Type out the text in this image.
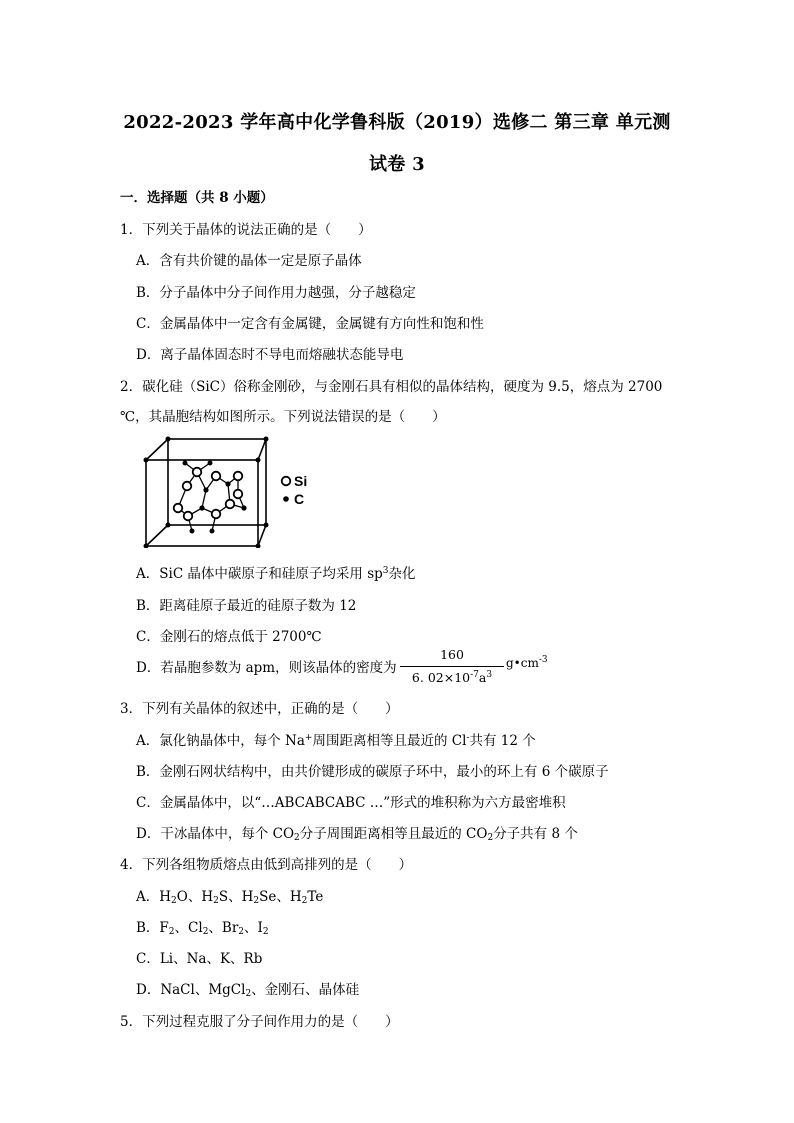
2022-2023 学年高中化学鲁科版（2019）选修二 第三章 单元测
试卷 3
一．选择题（共 8 小题）
1．下列关于晶体的说法正确的是（　　）
A．含有共价键的晶体一定是原子晶体
B．分子晶体中分子间作用力越强，分子越稳定
C．金属晶体中一定含有金属键，金属键有方向性和饱和性
D．离子晶体固态时不导电而熔融状态能导电
2．碳化硅（SiC）俗称金刚砂，与金刚石具有相似的晶体结构，硬度为 9.5，熔点为 2700
℃，其晶胞结构如图所示。下列说法错误的是（　　）
Si
C
A．SiC 晶体中碳原子和硅原子均采用 $sp^3$杂化
B．距离硅原子最近的硅原子数为 12
C．金刚石的熔点低于 2700℃
D．若晶胞参数为 apm，则该晶体的密度为
160
6. $02\times 10^{-7}a^3$
$g•cm^{-3}$
3．下列有关晶体的叙述中，正确的是（　　）
A．氯化钠晶体中，每个 Na+周围距离相等且最近的 Cl-共有 12 个
B．金刚石网状结构中，由共价键形成的碳原子环中，最小的环上有 6 个碳原子
C．金属晶体中，以“…ABCABCABC …”形式的堆积称为六方最密堆积
D．干冰晶体中，每个 $CO_2$分子周围距离相等且最近的 $CO_2$分子共有 8 个
4．下列各组物质熔点由低到高排列的是（　　）
A．$H_2O$、$H_2S$、$H_2Se$、$H_2Te$
B．$F_2$、$Cl_2$、$Br_2$、$I_2$
C．Li、Na、K、Rb
D．NaCl、MgCl$_2$、金刚石、晶体硅
5．下列过程克服了分子间作用力的是（　　）
